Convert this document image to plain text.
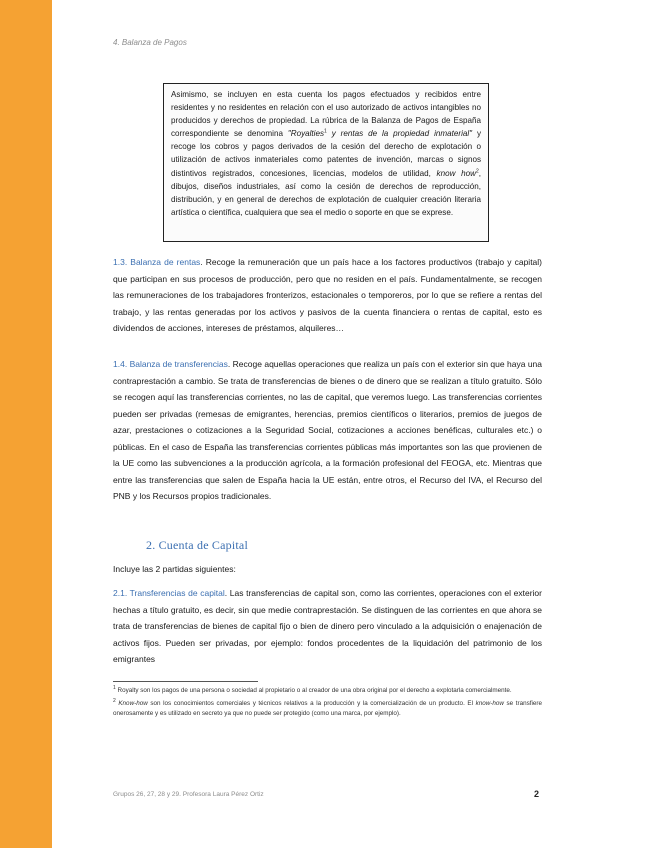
4. Balanza de Pagos

Asimismo, se incluyen en esta cuenta los pagos efectuados y recibidos entre residentes y no residentes en relación con el uso autorizado de activos intangibles no producidos y derechos de propiedad. La rúbrica de la Balanza de Pagos de España correspondiente se denomina "Royalties$^1$ y rentas de la propiedad inmaterial" y recoge los cobros y pagos derivados de la cesión del derecho de explotación o utilización de activos inmateriales como patentes de invención, marcas o signos distintivos registrados, concesiones, licencias, modelos de utilidad, know how$^2$, dibujos, diseños industriales, así como la cesión de derechos de reproducción, distribución, y en general de derechos de explotación de cualquier creación literaria artística o científica, cualquiera que sea el medio o soporte en que se exprese.

1.3. Balanza de rentas. Recoge la remuneración que un país hace a los factores productivos (trabajo y capital) que participan en sus procesos de producción, pero que no residen en el país. Fundamentalmente, se recogen las remuneraciones de los trabajadores fronterizos, estacionales o temporeros, por lo que se refiere a rentas del trabajo, y las rentas generadas por los activos y pasivos de la cuenta financiera o rentas de capital, esto es dividendos de acciones, intereses de préstamos, alquileres…

1.4. Balanza de transferencias. Recoge aquellas operaciones que realiza un país con el exterior sin que haya una contraprestación a cambio. Se trata de transferencias de bienes o de dinero que se realizan a título gratuito. Sólo se recogen aquí las transferencias corrientes, no las de capital, que veremos luego. Las transferencias corrientes pueden ser privadas (remesas de emigrantes, herencias, premios científicos o literarios, premios de juegos de azar, prestaciones o cotizaciones a la Seguridad Social, cotizaciones a acciones benéficas, culturales etc.) o públicas. En el caso de España las transferencias corrientes públicas más importantes son las que provienen de la UE como las subvenciones a la producción agrícola, a la formación profesional del FEOGA, etc. Mientras que entre las transferencias que salen de España hacia la UE están, entre otros, el Recurso del IVA, el Recurso del PNB y los Recursos propios tradicionales.

2. Cuenta de Capital

Incluye las 2 partidas siguientes:

2.1. Transferencias de capital. Las transferencias de capital son, como las corrientes, operaciones con el exterior hechas a título gratuito, es decir, sin que medie contraprestación. Se distinguen de las corrientes en que ahora se trata de transferencias de bienes de capital fijo o bien de dinero pero vinculado a la adquisición o enajenación de activos fijos. Pueden ser privadas, por ejemplo: fondos procedentes de la liquidación del patrimonio de los emigrantes

$^1$ Royalty son los pagos de una persona o sociedad al propietario o al creador de una obra original por el derecho a explotarla comercialmente.

$^2$ Know-how son los conocimientos comerciales y técnicos relativos a la producción y la comercialización de un producto. El know-how se transfiere onerosamente y es utilizado en secreto ya que no puede ser protegido (como una marca, por ejemplo).

Grupos 26, 27, 28 y 29. Profesora Laura Pérez Ortiz	2
